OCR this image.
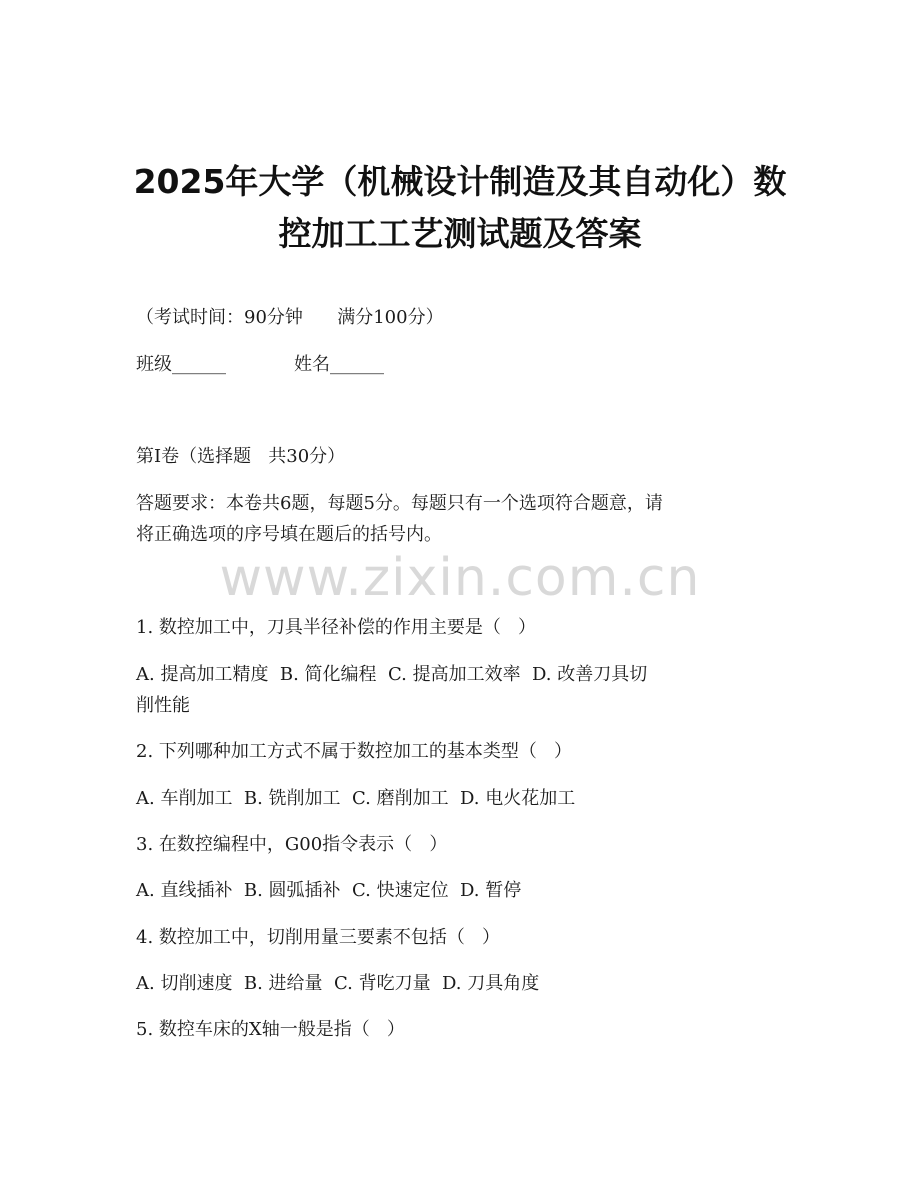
2025年大学（机械设计制造及其自动化）数
控加工工艺测试题及答案
（考试时间：90分钟      满分100分）
班级______	姓名______
第I卷（选择题   共30分）
答题要求：本卷共6题，每题5分。每题只有一个选项符合题意，请
将正确选项的序号填在题后的括号内。
www.zixin.com.cn
1. 数控加工中，刀具半径补偿的作用主要是（   ）
A. 提高加工精度  B. 简化编程  C. 提高加工效率  D. 改善刀具切
削性能
2. 下列哪种加工方式不属于数控加工的基本类型（   ）
A. 车削加工  B. 铣削加工  C. 磨削加工  D. 电火花加工
3. 在数控编程中，G00指令表示（   ）
A. 直线插补  B. 圆弧插补  C. 快速定位  D. 暂停
4. 数控加工中，切削用量三要素不包括（   ）
A. 切削速度  B. 进给量  C. 背吃刀量  D. 刀具角度
5. 数控车床的X轴一般是指（   ）
